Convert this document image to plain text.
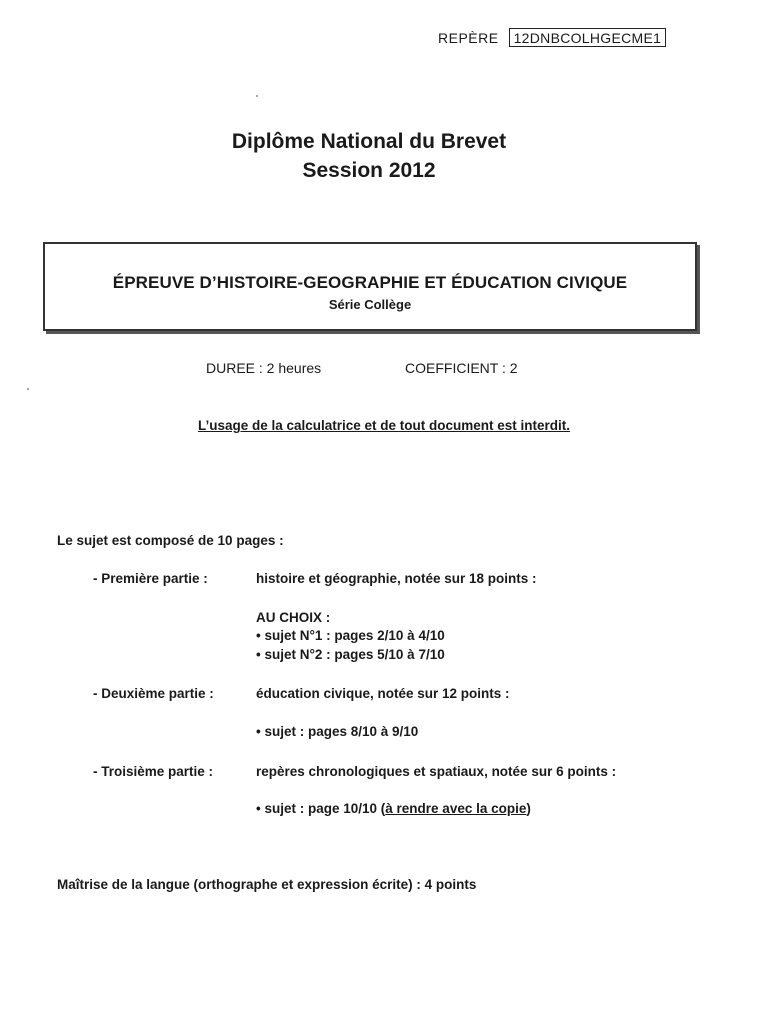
REPÈRE	12DNBCOLHGECME1
Diplôme National du Brevet
Session 2012
ÉPREUVE D’HISTOIRE-GEOGRAPHIE ET ÉDUCATION CIVIQUE
Série Collège
DUREE : 2 heures	COEFFICIENT : 2
L’usage de la calculatrice et de tout document est interdit.
Le sujet est composé de 10 pages :
- Première partie :	histoire et géographie, notée sur 18 points :
AU CHOIX :
• sujet N°1 : pages 2/10 à 4/10
• sujet N°2 : pages 5/10 à 7/10
- Deuxième partie :	éducation civique, notée sur 12 points :
• sujet : pages 8/10 à 9/10
- Troisième partie :	repères chronologiques et spatiaux, notée sur 6 points :
• sujet : page 10/10 (à rendre avec la copie)
Maîtrise de la langue (orthographe et expression écrite) : 4 points
